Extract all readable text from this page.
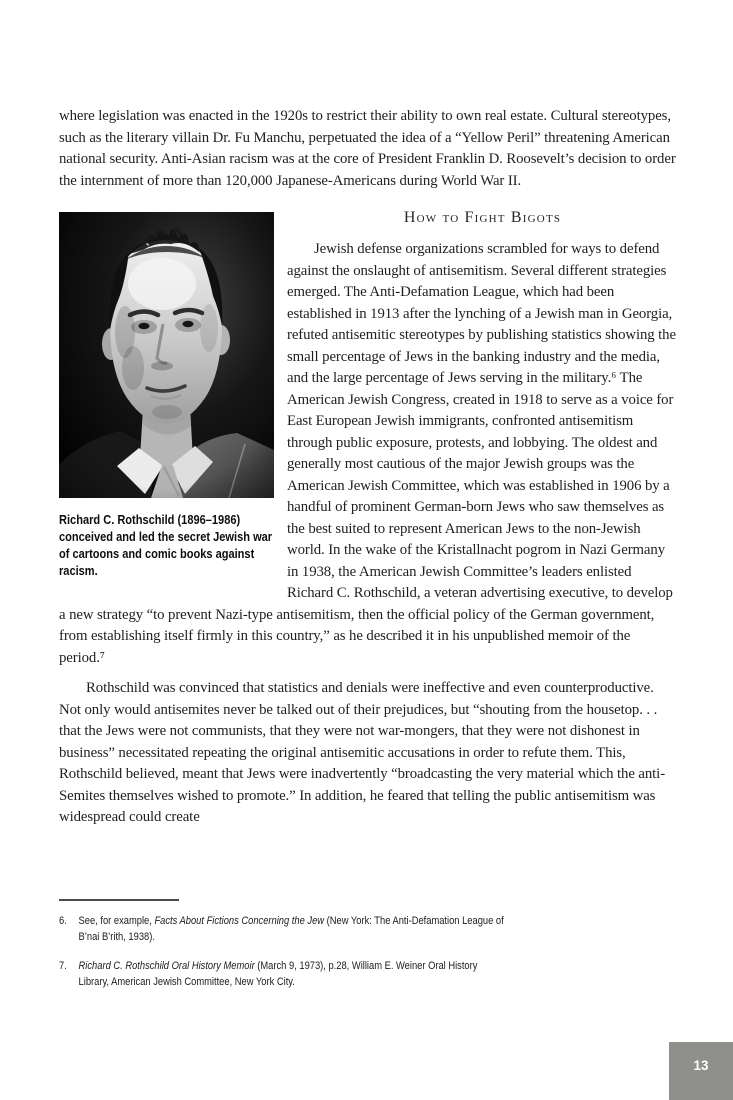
where legislation was enacted in the 1920s to restrict their ability to own real estate. Cultural stereotypes, such as the literary villain Dr. Fu Manchu, perpetuated the idea of a “Yellow Peril” threatening American national security. Anti-Asian racism was at the core of President Franklin D. Roosevelt’s decision to order the internment of more than 120,000 Japanese-Americans during World War II.

Richard C. Rothschild (1896–1986) conceived and led the secret Jewish war of cartoons and comic books against racism.
How to Fight Bigots

Jewish defense organizations scrambled for ways to defend against the onslaught of antisemitism. Several different strategies emerged. The Anti-Defamation League, which had been established in 1913 after the lynching of a Jewish man in Georgia, refuted antisemitic stereotypes by publishing statistics showing the small percentage of Jews in the banking industry and the media, and the large percentage of Jews serving in the military.⁶ The American Jewish Congress, created in 1918 to serve as a voice for East European Jewish immigrants, confronted antisemitism through public exposure, protests, and lobbying. The oldest and generally most cautious of the major Jewish groups was the American Jewish Committee, which was established in 1906 by a handful of prominent German-born Jews who saw themselves as the best suited to represent American Jews to the non-Jewish world. In the wake of the Kristallnacht pogrom in Nazi Germany in 1938, the American Jewish Committee’s leaders enlisted Richard C. Rothschild, a veteran advertising executive, to develop a new strategy “to prevent Nazi-type antisemitism, then the official policy of the German government, from establishing itself firmly in this country,” as he described it in his unpublished memoir of the period.⁷

Rothschild was convinced that statistics and denials were ineffective and even counterproductive. Not only would antisemites never be talked out of their prejudices, but “shouting from the housetop. . . that the Jews were not communists, that they were not war-mongers, that they were not dishonest in business” necessitated repeating the original antisemitic accusations in order to refute them. This, Rothschild believed, meant that Jews were inadvertently “broadcasting the very material which the anti-Semites themselves wished to promote.” In addition, he feared that telling the public antisemitism was widespread could create

6. See, for example, Facts About Fictions Concerning the Jew (New York: The Anti-Defamation League of B’nai B’rith, 1938).
7. Richard C. Rothschild Oral History Memoir (March 9, 1973), p.28, William E. Weiner Oral History Library, American Jewish Committee, New York City.
13
